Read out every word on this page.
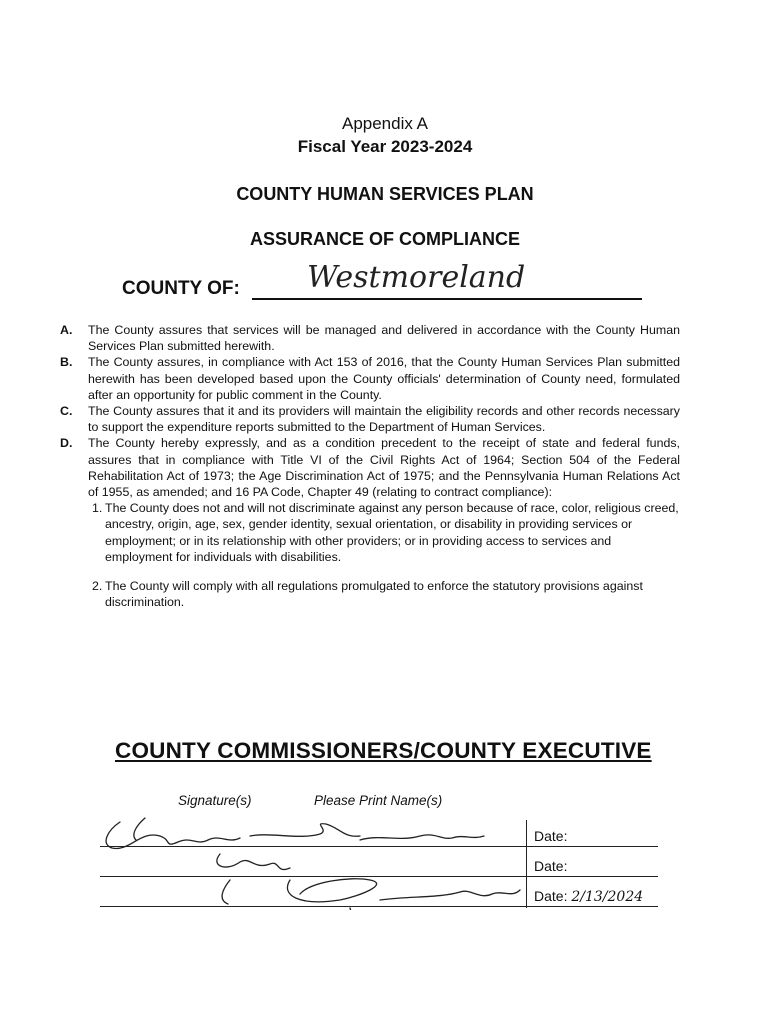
Appendix A
Fiscal Year 2023-2024
COUNTY HUMAN SERVICES PLAN
ASSURANCE OF COMPLIANCE
COUNTY OF: Westmoreland
A. The County assures that services will be managed and delivered in accordance with the County Human Services Plan submitted herewith.
B. The County assures, in compliance with Act 153 of 2016, that the County Human Services Plan submitted herewith has been developed based upon the County officials' determination of County need, formulated after an opportunity for public comment in the County.
C. The County assures that it and its providers will maintain the eligibility records and other records necessary to support the expenditure reports submitted to the Department of Human Services.
D. The County hereby expressly, and as a condition precedent to the receipt of state and federal funds, assures that in compliance with Title VI of the Civil Rights Act of 1964; Section 504 of the Federal Rehabilitation Act of 1973; the Age Discrimination Act of 1975; and the Pennsylvania Human Relations Act of 1955, as amended; and 16 PA Code, Chapter 49 (relating to contract compliance):
1. The County does not and will not discriminate against any person because of race, color, religious creed, ancestry, origin, age, sex, gender identity, sexual orientation, or disability in providing services or employment; or in its relationship with other providers; or in providing access to services and employment for individuals with disabilities.
2. The County will comply with all regulations promulgated to enforce the statutory provisions against discrimination.
COUNTY COMMISSIONERS/COUNTY EXECUTIVE
Signature(s)	Please Print Name(s)
Date:
Date:
Date: 2/13/2024
